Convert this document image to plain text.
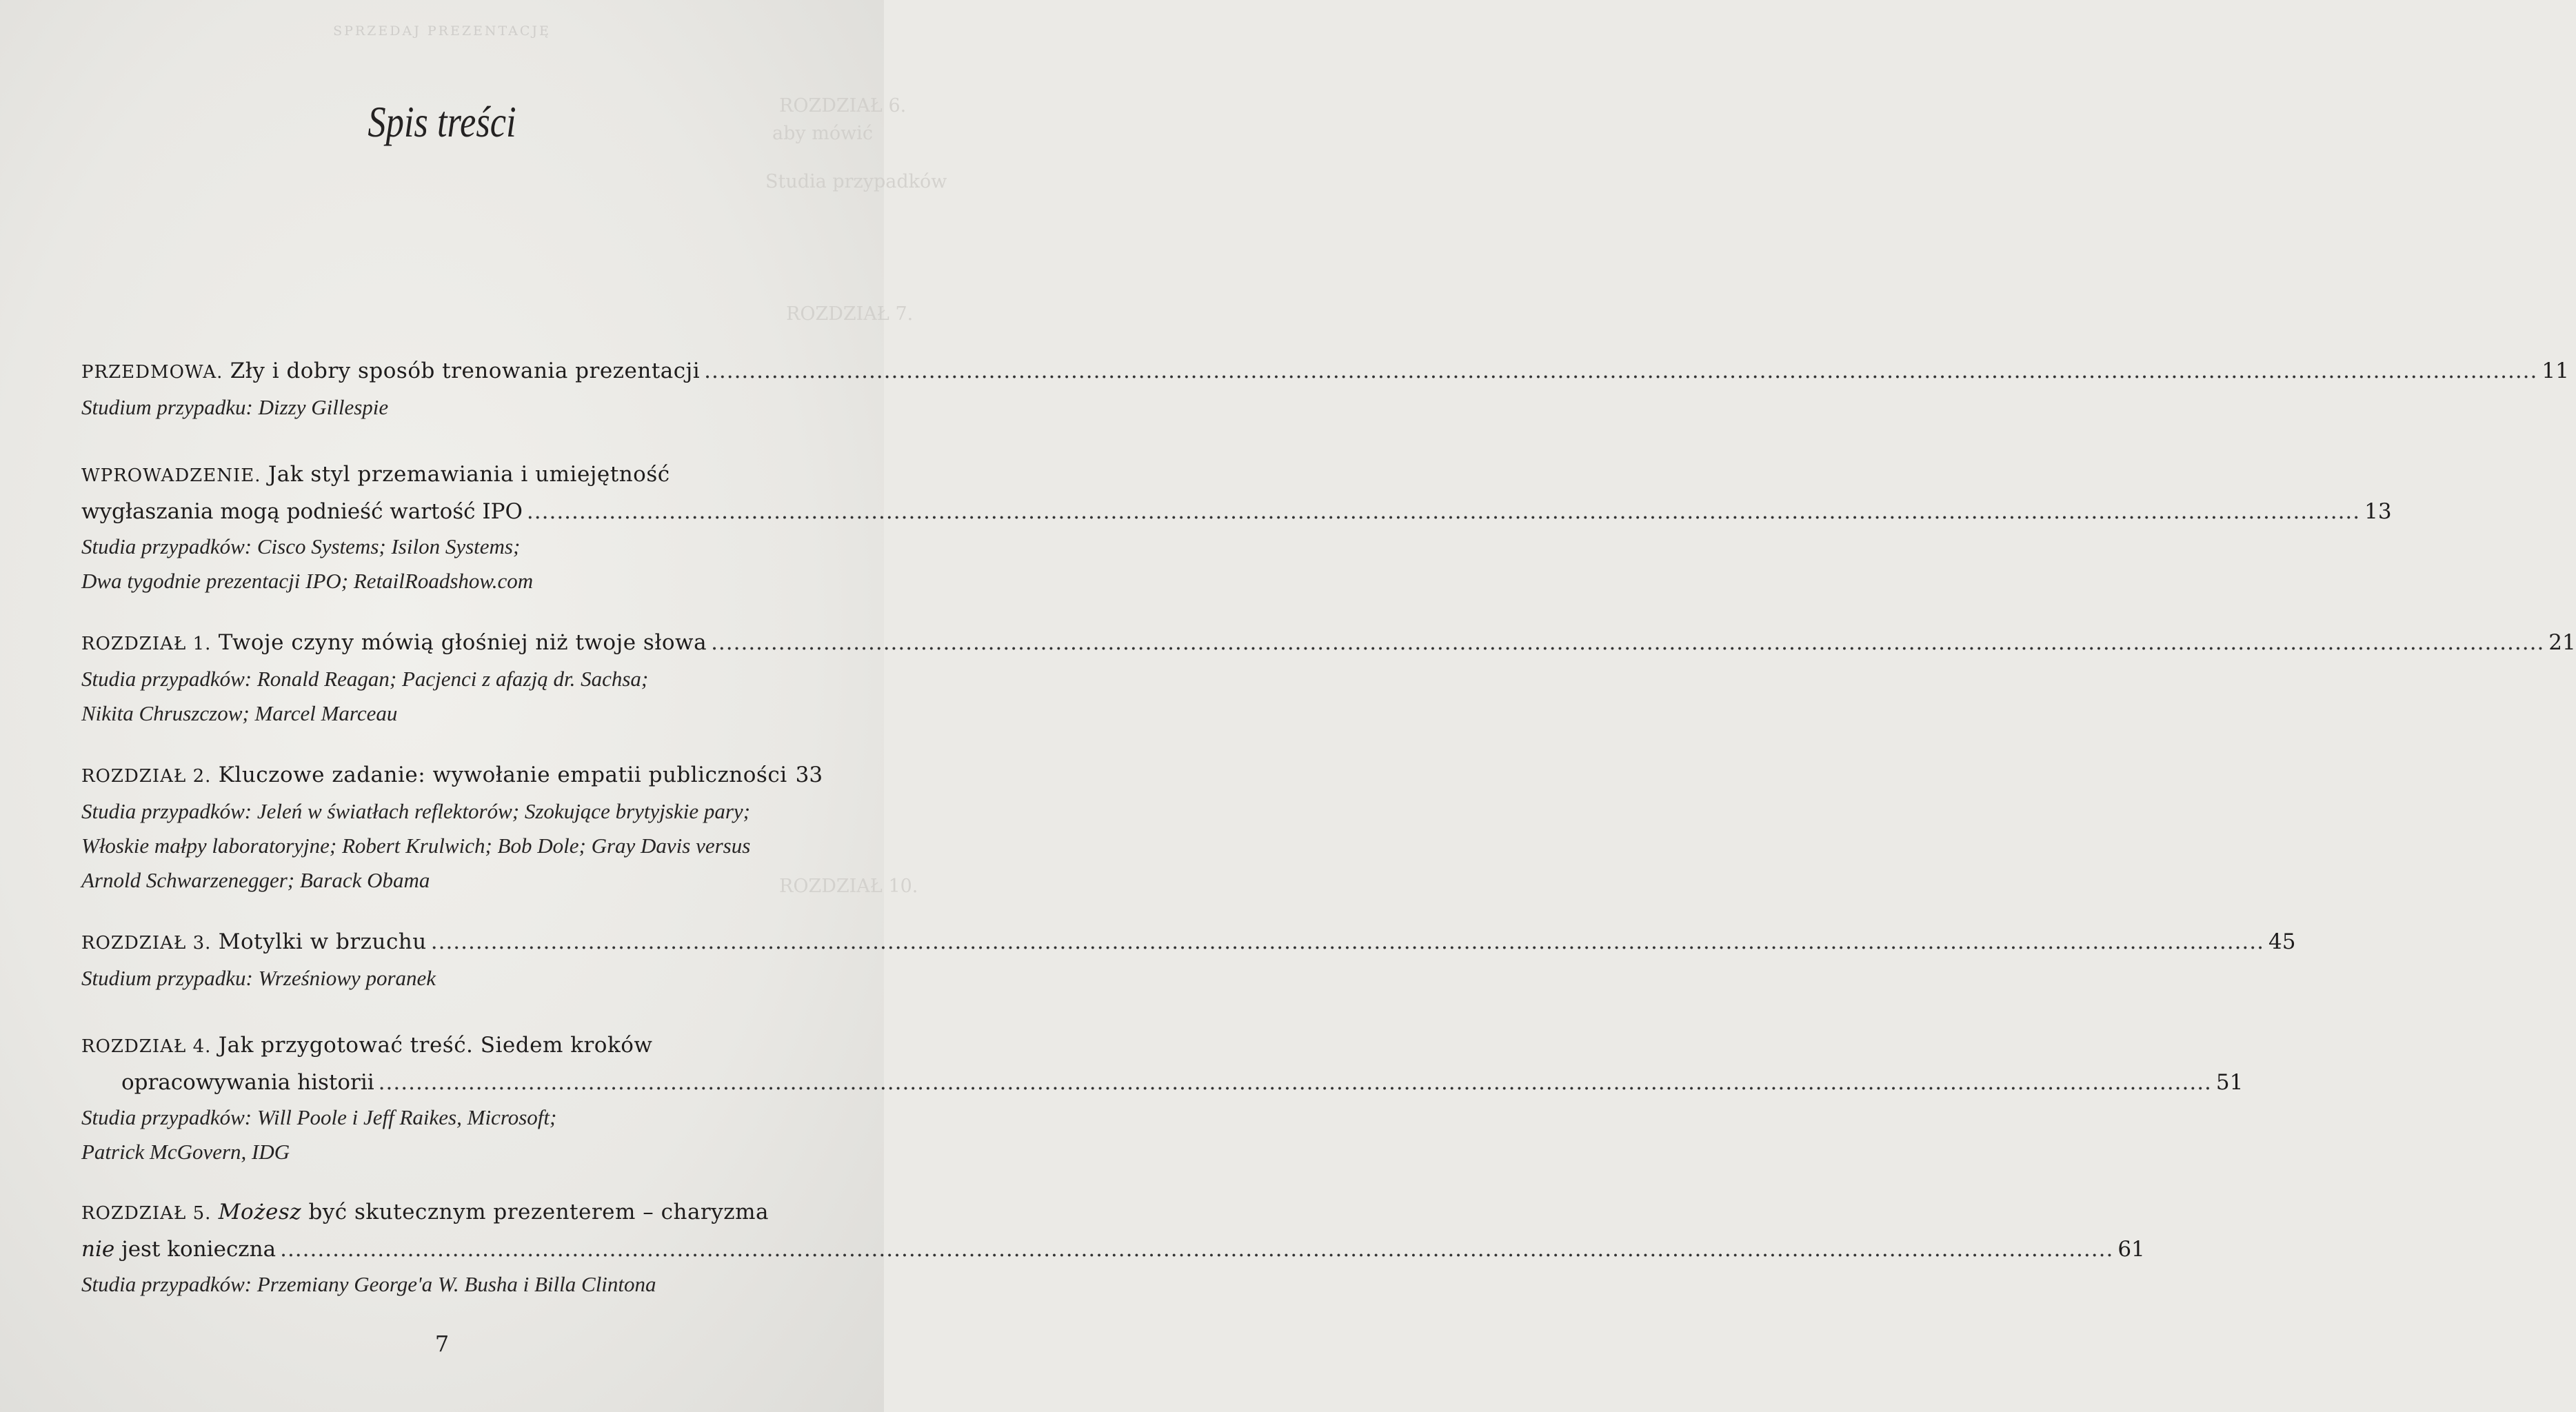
SPRZEDAJ PREZENTACJĘ
ROZDZIAŁ 6.
aby mówić
Studia przypadków
ROZDZIAŁ 7.
ROZDZIAŁ 10.
Spis treści
PRZEDMOWA. Zły i dobry sposób trenowania prezentacji .....	11
Studium przypadku: Dizzy Gillespie
WPROWADZENIE. Jak styl przemawiania i umiejętność
wygłaszania mogą podnieść wartość IPO .....	13
Studia przypadków: Cisco Systems; Isilon Systems;
Dwa tygodnie prezentacji IPO; RetailRoadshow.com
ROZDZIAŁ 1. Twoje czyny mówią głośniej niż twoje słowa .....	21
Studia przypadków: Ronald Reagan; Pacjenci z afazją dr. Sachsa;
Nikita Chruszczow; Marcel Marceau
ROZDZIAŁ 2. Kluczowe zadanie: wywołanie empatii publiczności 33
Studia przypadków: Jeleń w światłach reflektorów; Szokujące brytyjskie pary;
Włoskie małpy laboratoryjne; Robert Krulwich; Bob Dole; Gray Davis versus
Arnold Schwarzenegger; Barack Obama
ROZDZIAŁ 3. Motylki w brzuchu .....	45
Studium przypadku: Wrześniowy poranek
ROZDZIAŁ 4. Jak przygotować treść. Siedem kroków
opracowywania historii .....	51
Studia przypadków: Will Poole i Jeff Raikes, Microsoft;
Patrick McGovern, IDG
ROZDZIAŁ 5. Możesz być skutecznym prezenterem – charyzma
nie jest konieczna .....	61
Studia przypadków: Przemiany George'a W. Busha i Billa Clintona
7
